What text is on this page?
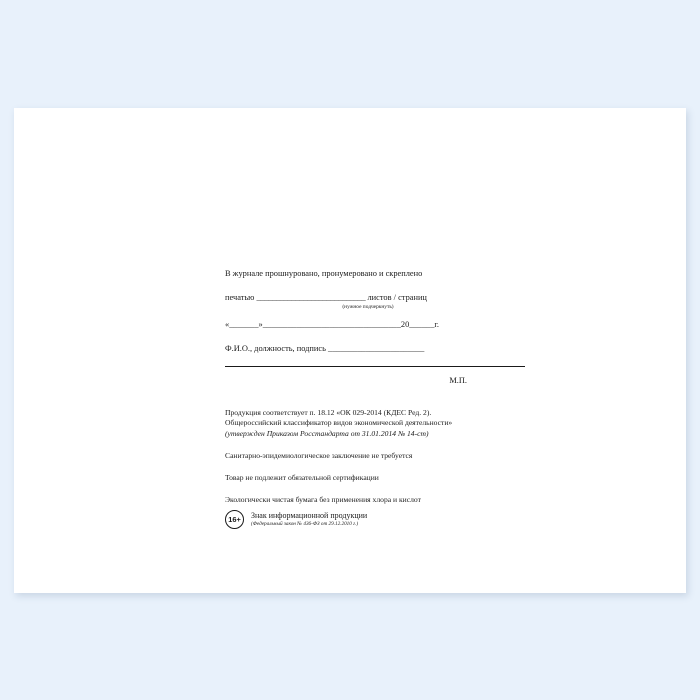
В журнале прошнуровано, пронумеровано и скреплено
печатью ____________________________ листов / страниц
(нужное подчеркнуть)
«_______»_________________________________20______г.
Ф.И.О., должность, подпись _______________________
М.П.
Продукция соответствует п. 18.12 «ОК 029-2014 (КДЕС Ред. 2).
Общероссийский классификатор видов экономической деятельности»
(утвержден Приказом Росстандарта от 31.01.2014 № 14-ст)
Санитарно-эпидемиологическое заключение не требуется
Товар не подлежит обязательной сертификации
Экологически чистая бумага без применения хлора и кислот
16+	Знак информационной продукции
(Федеральный закон № 436-ФЗ от 29.12.2010 г.)
